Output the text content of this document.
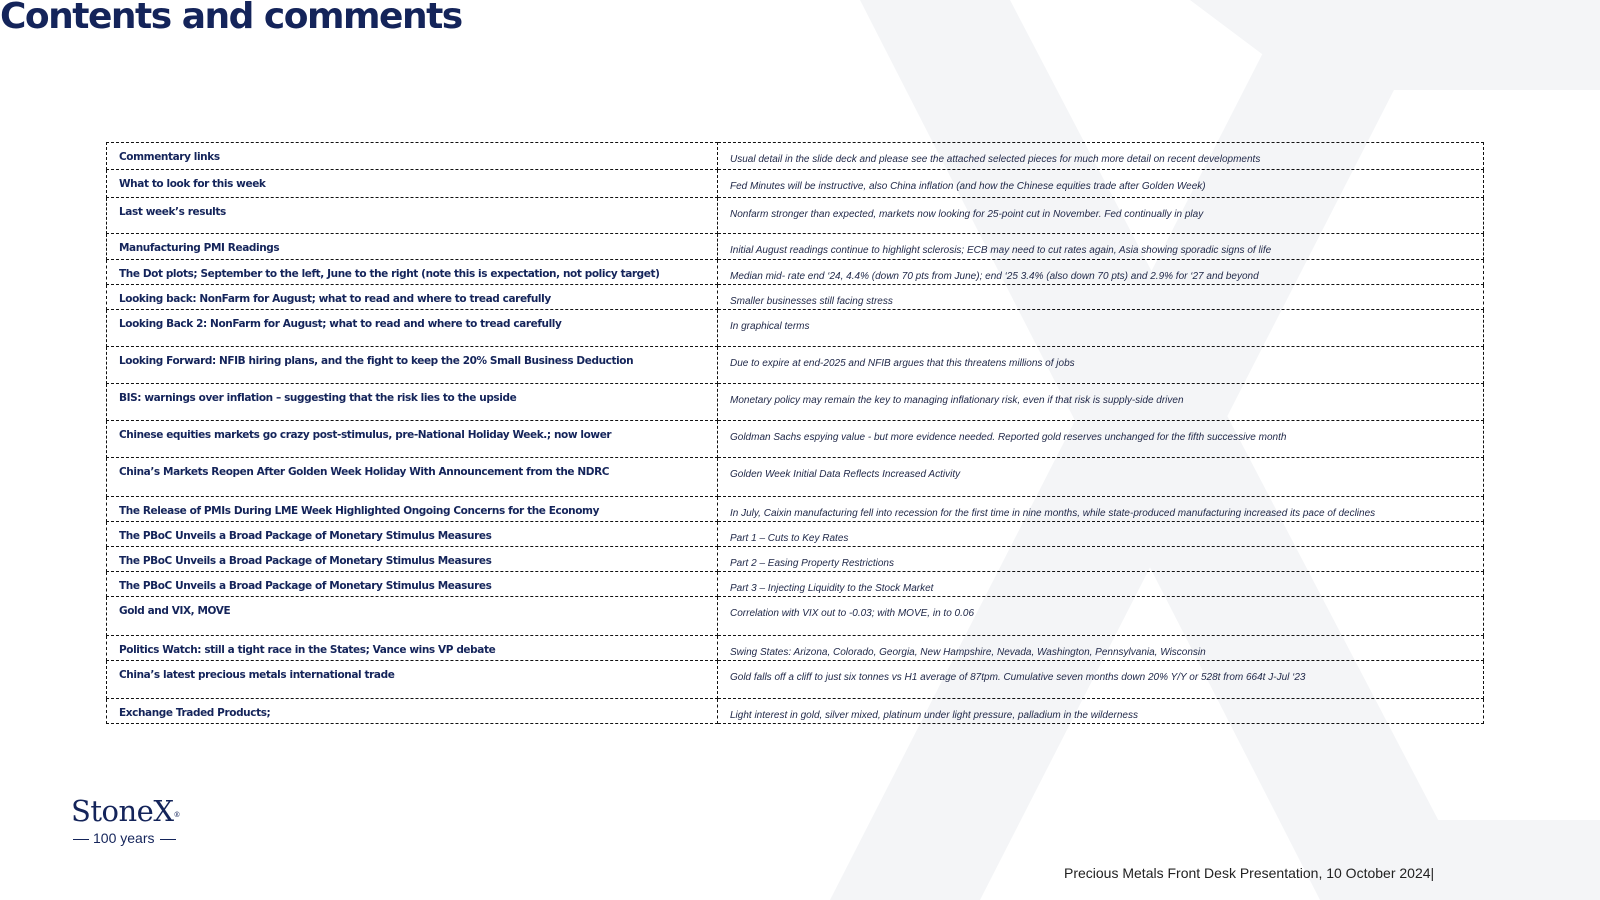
Contents and comments
Commentary links	Usual detail in the slide deck and please see the attached selected pieces for much more detail on recent developments
What to look for this week	Fed Minutes will be instructive, also China inflation (and how the Chinese equities trade after Golden Week)
Last week’s results	Nonfarm stronger than expected, markets now looking for 25-point cut in November. Fed continually in play
Manufacturing PMI Readings	Initial August readings continue to highlight sclerosis; ECB may need to cut rates again, Asia showing sporadic signs of life
The Dot plots; September to the left, June to the right (note this is expectation, not policy target)	Median mid- rate end ‘24, 4.4% (down 70 pts from June); end ‘25 3.4% (also down 70 pts) and 2.9% for ‘27 and beyond
Looking back: NonFarm for August; what to read and where to tread carefully	Smaller businesses still facing stress
Looking Back 2: NonFarm for August; what to read and where to tread carefully	In graphical terms
Looking Forward: NFIB hiring plans, and the fight to keep the 20% Small Business Deduction	Due to expire at end-2025 and NFIB argues that this threatens millions of jobs
BIS: warnings over inflation – suggesting that the risk lies to the upside	Monetary policy may remain the key to managing inflationary risk, even if that risk is supply-side driven
Chinese equities markets go crazy post-stimulus, pre-National Holiday Week.; now lower	Goldman Sachs espying value - but more evidence needed. Reported gold reserves unchanged for the fifth successive month
China’s Markets Reopen After Golden Week Holiday With Announcement from the NDRC	Golden Week Initial Data Reflects Increased Activity
The Release of PMIs During LME Week Highlighted Ongoing Concerns for the Economy	In July, Caixin manufacturing fell into recession for the first time in nine months, while state-produced manufacturing increased its pace of declines
The PBoC Unveils a Broad Package of Monetary Stimulus Measures	Part 1 – Cuts to Key Rates
The PBoC Unveils a Broad Package of Monetary Stimulus Measures	Part 2 – Easing Property Restrictions
The PBoC Unveils a Broad Package of Monetary Stimulus Measures	Part 3 – Injecting Liquidity to the Stock Market
Gold and VIX, MOVE	Correlation with VIX out to -0.03; with MOVE, in to 0.06
Politics Watch: still a tight race in the States; Vance wins VP debate	Swing States: Arizona, Colorado, Georgia, New Hampshire, Nevada, Washington, Pennsylvania, Wisconsin
China’s latest precious metals international trade	Gold falls off a cliff to just six tonnes vs H1 average of 87tpm. Cumulative seven months down 20% Y/Y or 528t from 664t J-Jul ‘23
Exchange Traded Products;	Light interest in gold, silver mixed, platinum under light pressure, palladium in the wilderness
StoneX®
100 years
Precious Metals Front Desk Presentation, 10 October 2024|
